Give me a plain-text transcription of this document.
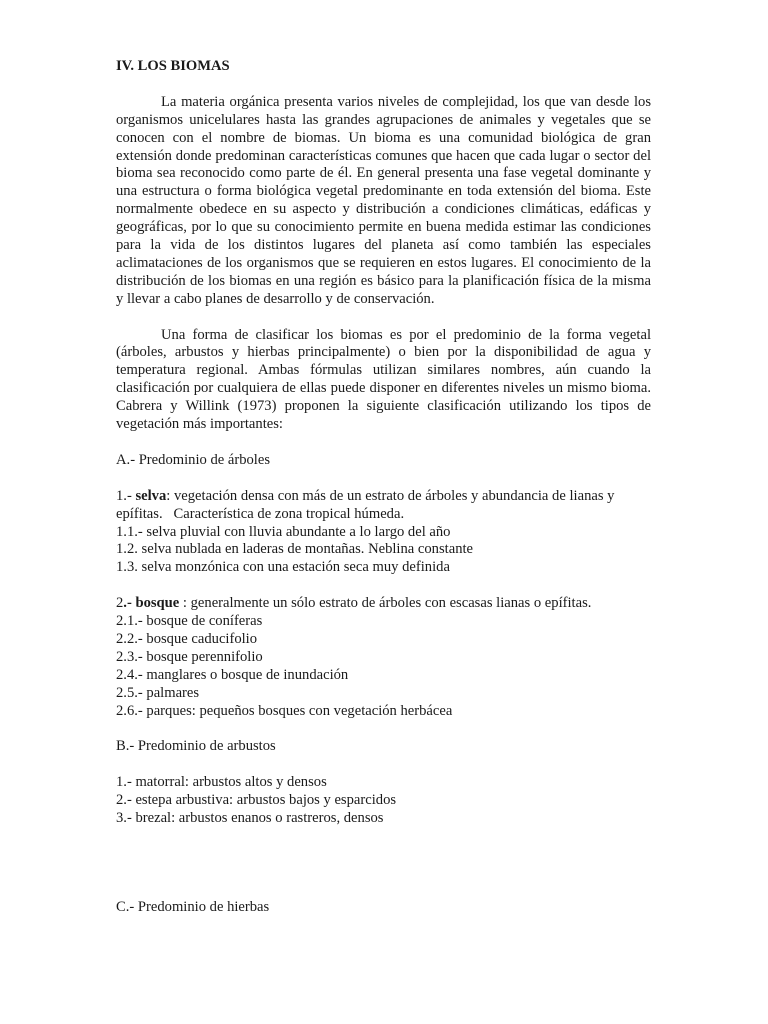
IV. LOS BIOMAS

La materia orgánica presenta varios niveles de complejidad, los que van desde los organismos unicelulares hasta las grandes agrupaciones de animales y vegetales que se conocen con el nombre de biomas. Un bioma es una comunidad biológica de gran extensión donde predominan características comunes que hacen que cada lugar o sector del bioma sea reconocido como parte de él. En general presenta una fase vegetal dominante y una estructura o forma biológica vegetal predominante en toda extensión del bioma. Este normalmente obedece en su aspecto y distribución a condiciones climáticas, edáficas y geográficas, por lo que su conocimiento permite en buena medida estimar las condiciones para la vida de los distintos lugares del planeta así como también las especiales aclimataciones de los organismos que se requieren en estos lugares. El conocimiento de la distribución de los biomas en una región es básico para la planificación física de la misma y llevar a cabo planes de desarrollo y de conservación.

Una forma de clasificar los biomas es por el predominio de la forma vegetal (árboles, arbustos y hierbas principalmente) o bien por la disponibilidad de agua y temperatura regional. Ambas fórmulas utilizan similares nombres, aún cuando la clasificación por cualquiera de ellas puede disponer en diferentes niveles un mismo bioma. Cabrera y Willink (1973) proponen la siguiente clasificación utilizando los tipos de vegetación más importantes:

A.- Predominio de árboles

1.- selva: vegetación densa con más de un estrato de árboles y abundancia de lianas y

epífitas.   Característica de zona tropical húmeda.

1.1.- selva pluvial con lluvia abundante a lo largo del año

1.2. selva nublada en laderas de montañas. Neblina constante

1.3. selva monzónica con una estación seca muy definida

2.- bosque : generalmente un sólo estrato de árboles con escasas lianas o epífitas.

2.1.- bosque de coníferas

2.2.- bosque caducifolio

2.3.- bosque perennifolio

2.4.- manglares o bosque de inundación

2.5.- palmares

2.6.- parques: pequeños bosques con vegetación herbácea

B.- Predominio de arbustos

1.- matorral: arbustos altos y densos

2.- estepa arbustiva: arbustos bajos y esparcidos

3.- brezal: arbustos enanos o rastreros, densos

C.- Predominio de hierbas
